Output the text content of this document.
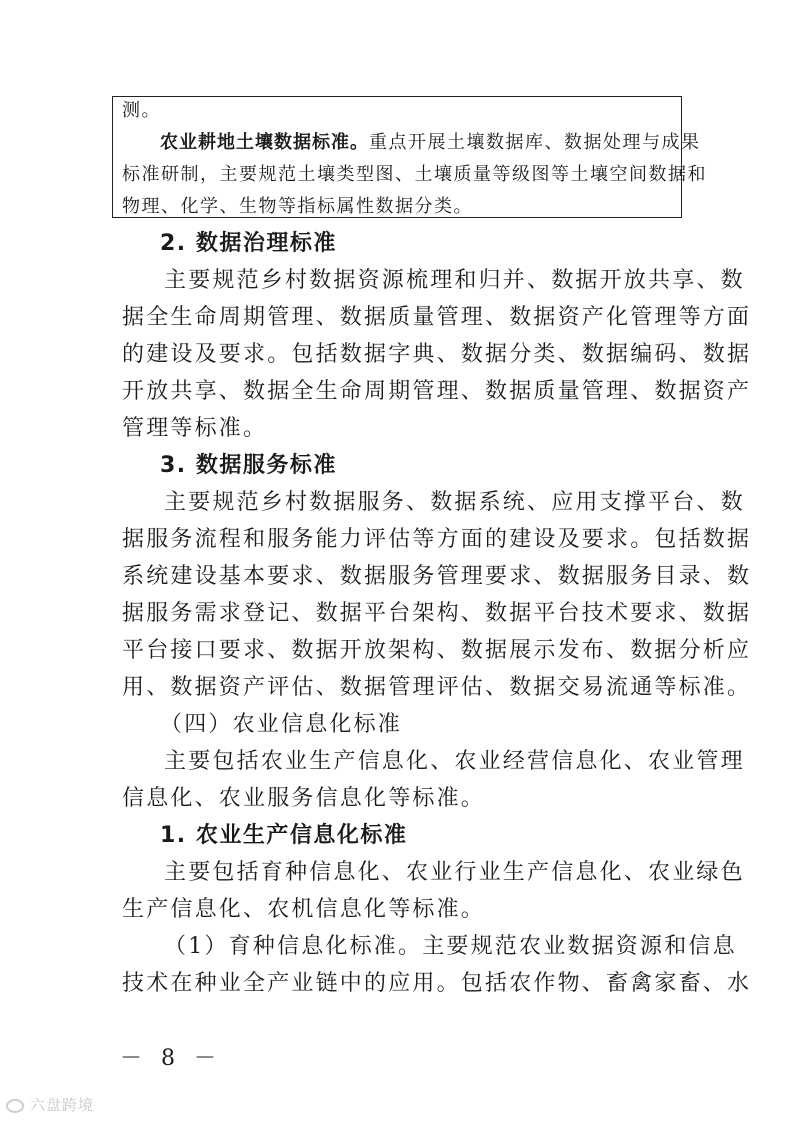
测。
农业耕地土壤数据标准。重点开展土壤数据库、数据处理与成果
标准研制，主要规范土壤类型图、土壤质量等级图等土壤空间数据和
物理、化学、生物等指标属性数据分类。
2. 数据治理标准
主要规范乡村数据资源梳理和归并、数据开放共享、数
据全生命周期管理、数据质量管理、数据资产化管理等方面
的建设及要求。包括数据字典、数据分类、数据编码、数据
开放共享、数据全生命周期管理、数据质量管理、数据资产
管理等标准。
3. 数据服务标准
主要规范乡村数据服务、数据系统、应用支撑平台、数
据服务流程和服务能力评估等方面的建设及要求。包括数据
系统建设基本要求、数据服务管理要求、数据服务目录、数
据服务需求登记、数据平台架构、数据平台技术要求、数据
平台接口要求、数据开放架构、数据展示发布、数据分析应
用、数据资产评估、数据管理评估、数据交易流通等标准。
（四）农业信息化标准
主要包括农业生产信息化、农业经营信息化、农业管理
信息化、农业服务信息化等标准。
1. 农业生产信息化标准
主要包括育种信息化、农业行业生产信息化、农业绿色
生产信息化、农机信息化等标准。
（1）育种信息化标准。主要规范农业数据资源和信息
技术在种业全产业链中的应用。包括农作物、畜禽家畜、水
－ 8 －
六盘跨境
